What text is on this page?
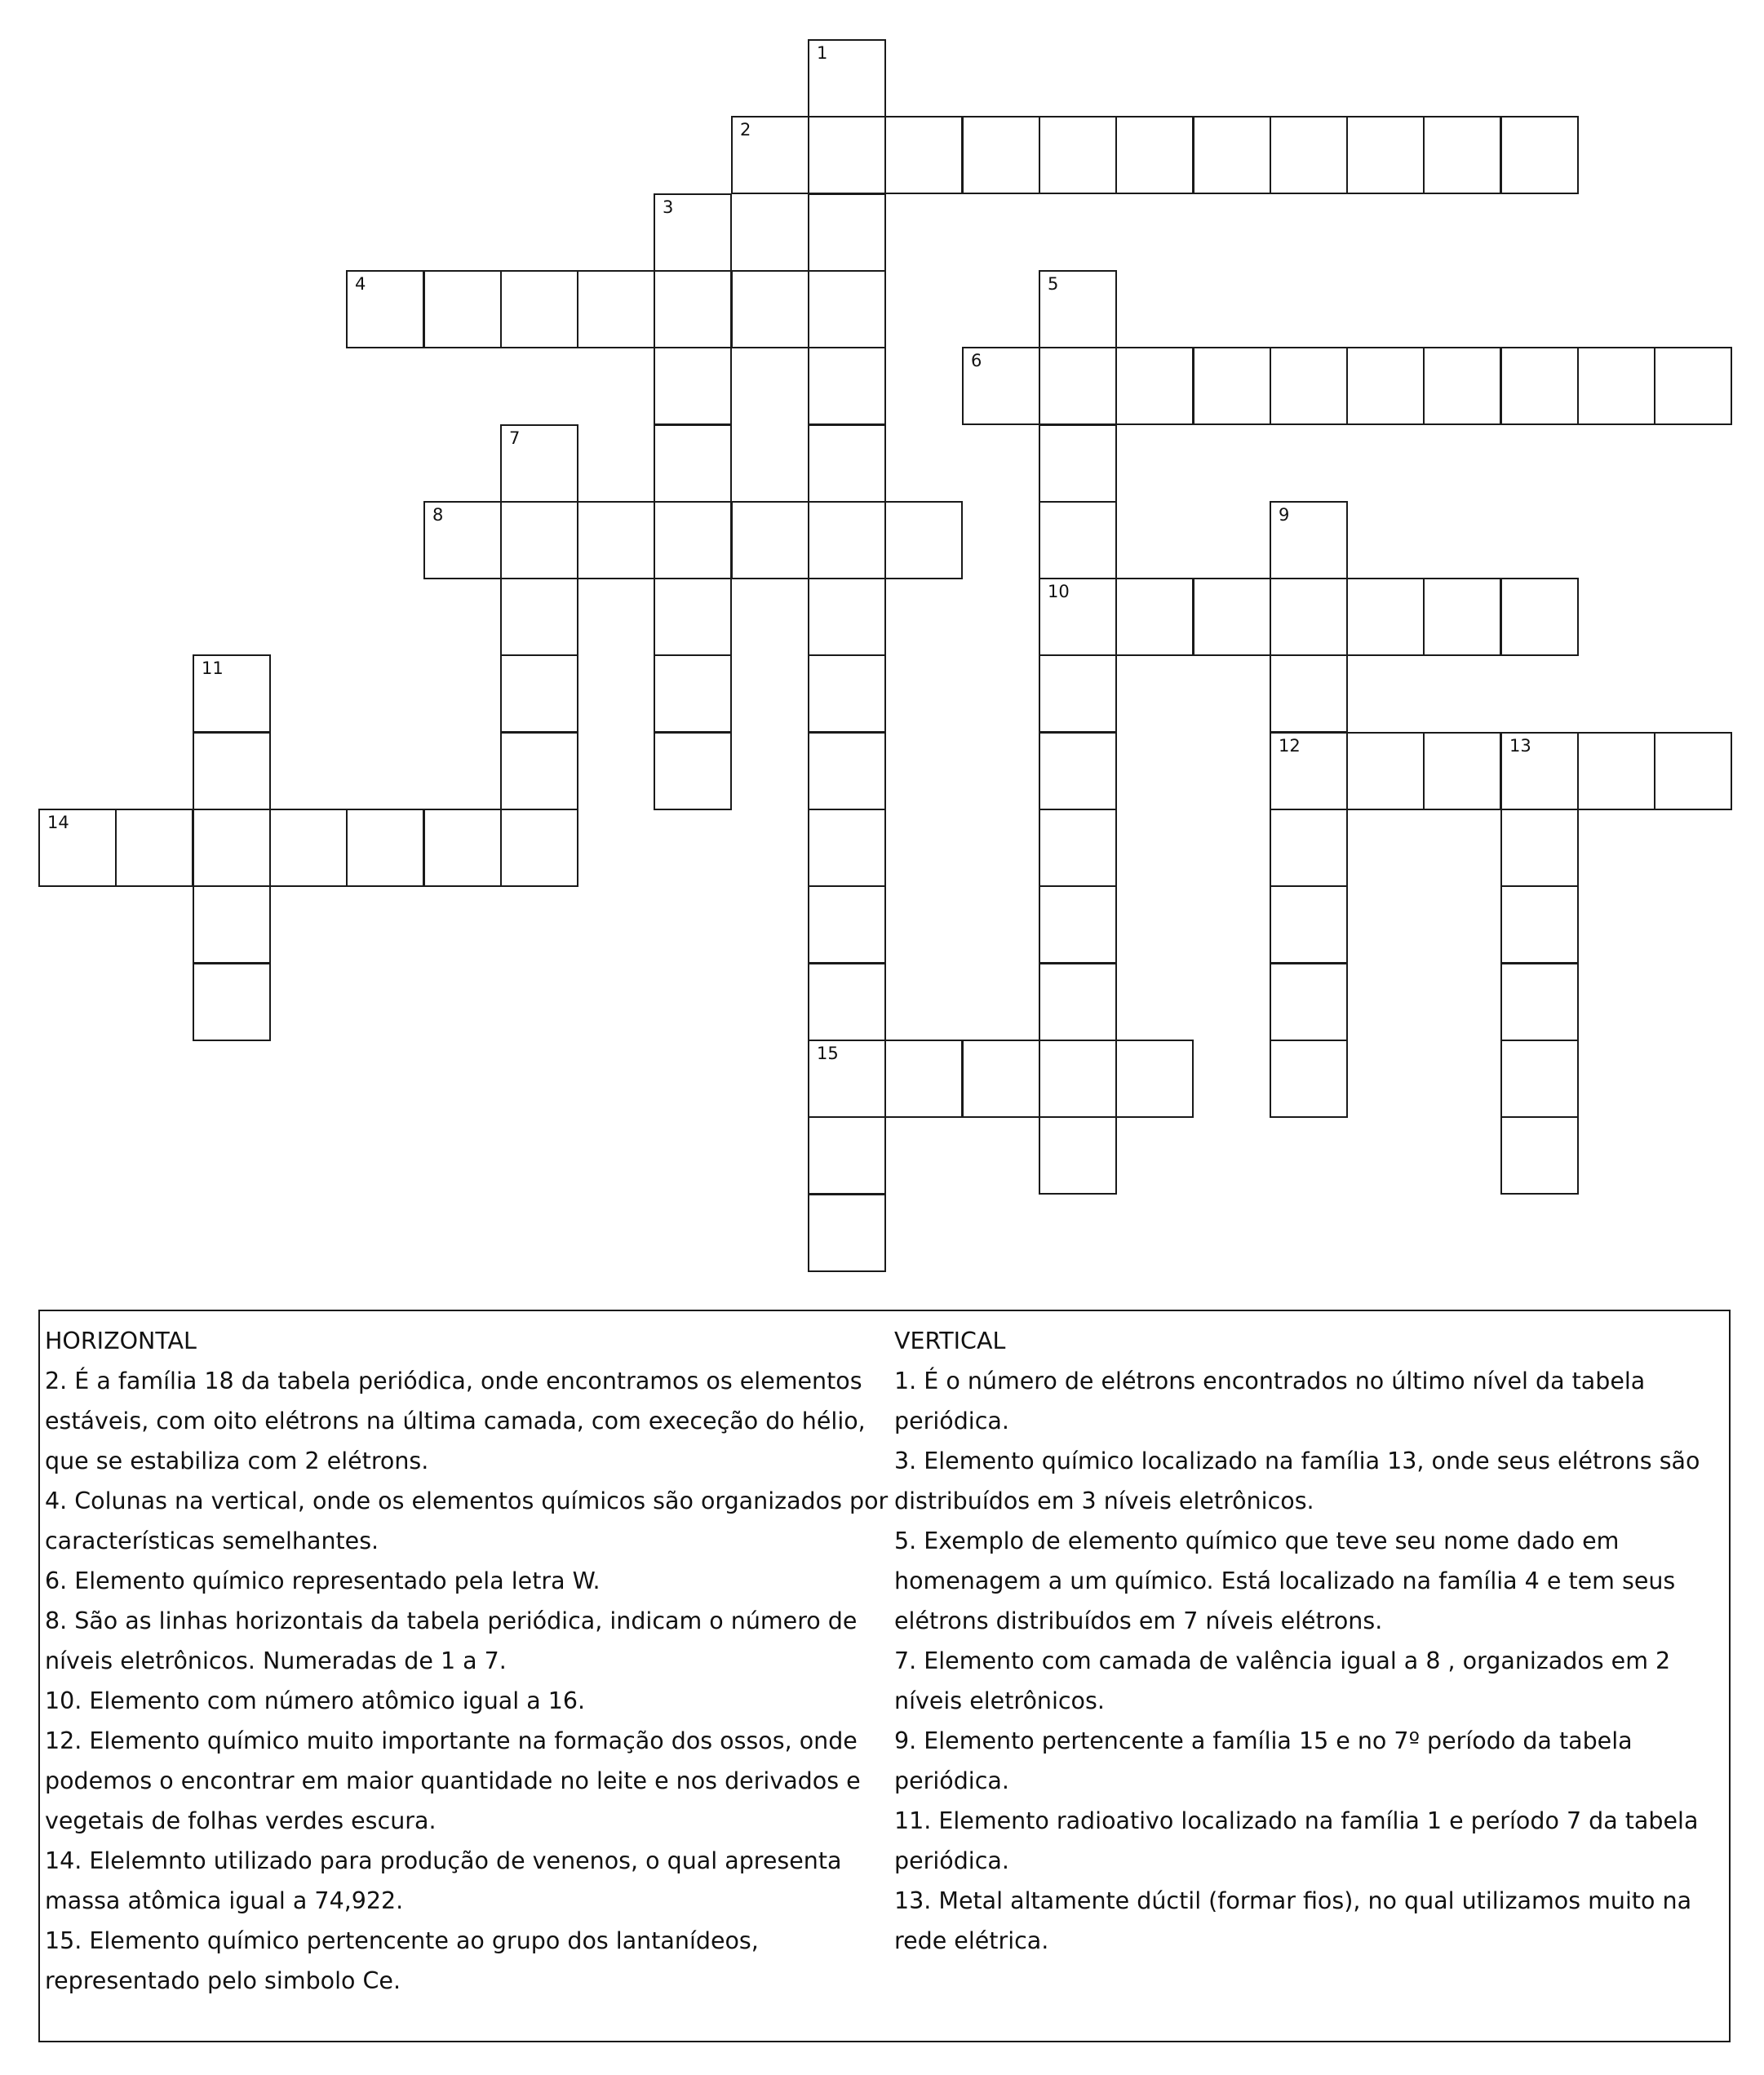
1
15
2
3
4	5
10
6
7
8	9
12
11
13
14
HORIZONTAL
2. É a família 18 da tabela periódica, onde encontramos os elementos estáveis, com oito elétrons na última camada, com execeção do hélio, que se estabiliza com 2 elétrons.
4. Colunas na vertical, onde os elementos químicos são organizados por características semelhantes.
6. Elemento químico representado pela letra W.
8. São as linhas horizontais da tabela periódica, indicam o número de níveis eletrônicos. Numeradas de 1 a 7.
10. Elemento com número atômico igual a 16.
12. Elemento químico muito importante na formação dos ossos, onde podemos o encontrar em maior quantidade no leite e nos derivados e vegetais de folhas verdes escura.
14. Elelemnto utilizado para produção de venenos, o qual apresenta massa atômica igual a 74,922.
15. Elemento químico pertencente ao grupo dos lantanídeos, representado pelo simbolo Ce.
VERTICAL
1. É o número de elétrons encontrados no último nível da tabela periódica.
3. Elemento químico localizado na família 13, onde seus elétrons são distribuídos em 3 níveis eletrônicos.
5. Exemplo de elemento químico que teve seu nome dado em homenagem a um químico. Está localizado na família 4 e tem seus elétrons distribuídos em 7 níveis elétrons.
7. Elemento com camada de valência igual a 8 , organizados em 2 níveis eletrônicos.
9. Elemento pertencente a família 15 e no 7º período da tabela periódica.
11. Elemento radioativo localizado na família 1 e período 7 da tabela periódica.
13. Metal altamente dúctil (formar fios), no qual utilizamos muito na rede elétrica.
